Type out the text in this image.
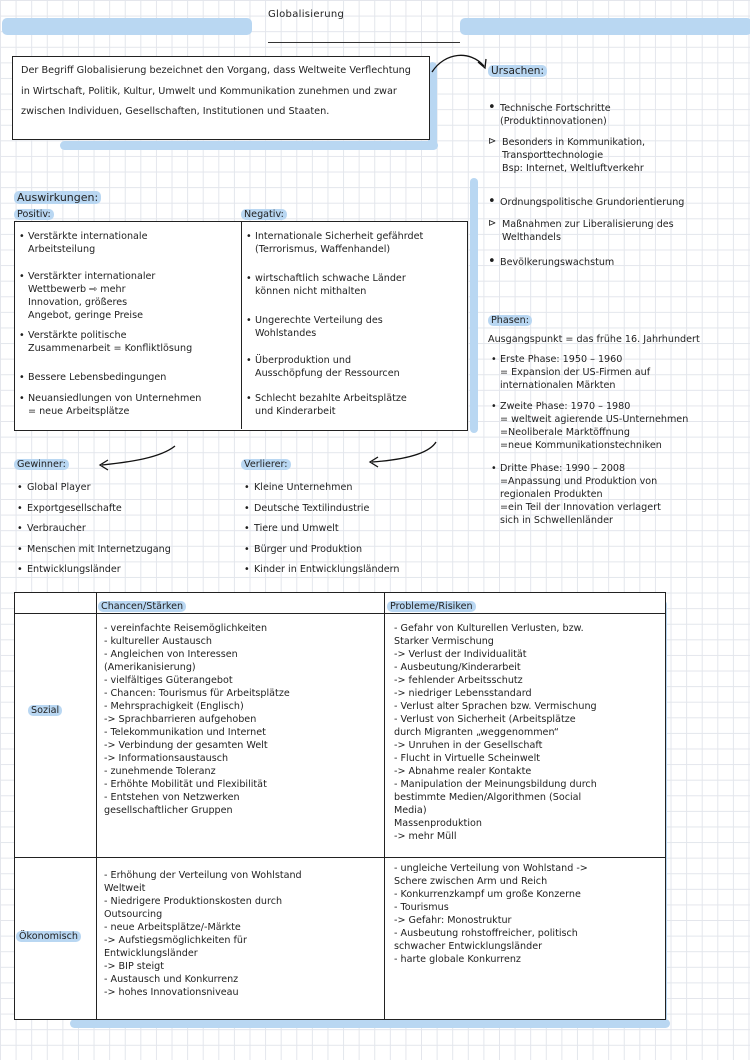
Globalisierung
Der Begriff Globalisierung bezeichnet den Vorgang, dass Weltweite Verflechtung in Wirtschaft, Politik, Kultur, Umwelt und Kommunikation zunehmen und zwar zwischen Individuen, Gesellschaften, Institutionen und Staaten.
Ursachen:
• Technische Fortschritte
(Produktinnovationen)
⊳ Besonders in Kommunikation,
Transporttechnologie
Bsp: Internet, Weltluftverkehr
• Ordnungspolitische Grundorientierung
⊳ Maßnahmen zur Liberalisierung des
Welthandels
• Bevölkerungswachstum
Auswirkungen:
Positiv:	Negativ:
• Verstärkte internationale
Arbeitsteilung
• Verstärkter internationaler
Wettbewerb ⇨ mehr
Innovation, größeres
Angebot, geringe Preise
• Verstärkte politische
Zusammenarbeit = Konfliktlösung
• Bessere Lebensbedingungen
• Neuansiedlungen von Unternehmen
= neue Arbeitsplätze
• Internationale Sicherheit gefährdet
(Terrorismus, Waffenhandel)
• wirtschaftlich schwache Länder
können nicht mithalten
• Ungerechte Verteilung des
Wohlstandes
• Überproduktion und
Ausschöpfung der Ressourcen
• Schlecht bezahlte Arbeitsplätze
und Kinderarbeit
Phasen:
Ausgangspunkt = das frühe 16. Jahrhundert
• Erste Phase: 1950 – 1960
= Expansion der US-Firmen auf
internationalen Märkten
• Zweite Phase: 1970 – 1980
= weltweit agierende US-Unternehmen
=Neoliberale Marktöffnung
=neue Kommunikationstechniken
• Dritte Phase: 1990 – 2008
=Anpassung und Produktion von
regionalen Produkten
=ein Teil der Innovation verlagert
sich in Schwellenländer
Gewinner:
• Global Player
• Exportgesellschafte
• Verbraucher
• Menschen mit Internetzugang
• Entwicklungsländer
Verlierer:
• Kleine Unternehmen
• Deutsche Textilindustrie
• Tiere und Umwelt
• Bürger und Produktion
• Kinder in Entwicklungsländern
Chancen/Stärken	Probleme/Risiken
Sozial
Ökonomisch
- vereinfachte Reisemöglichkeiten
- kultureller Austausch
- Angleichen von Interessen
(Amerikanisierung)
- vielfältiges Güterangebot
- Chancen: Tourismus für Arbeitsplätze
- Mehrsprachigkeit (Englisch)
-> Sprachbarrieren aufgehoben
- Telekommunikation und Internet
-> Verbindung der gesamten Welt
-> Informationsaustausch
- zunehmende Toleranz
- Erhöhte Mobilität und Flexibilität
- Entstehen von Netzwerken
gesellschaftlicher Gruppen
- Gefahr von Kulturellen Verlusten, bzw.
Starker Vermischung
-> Verlust der Individualität
- Ausbeutung/Kinderarbeit
-> fehlender Arbeitsschutz
-> niedriger Lebensstandard
- Verlust alter Sprachen bzw. Vermischung
- Verlust von Sicherheit (Arbeitsplätze
durch Migranten „weggenommen“
-> Unruhen in der Gesellschaft
- Flucht in Virtuelle Scheinwelt
-> Abnahme realer Kontakte
- Manipulation der Meinungsbildung durch
bestimmte Medien/Algorithmen (Social
Media)
Massenproduktion
-> mehr Müll
- Erhöhung der Verteilung von Wohlstand
Weltweit
- Niedrigere Produktionskosten durch
Outsourcing
- neue Arbeitsplätze/-Märkte
-> Aufstiegsmöglichkeiten für
Entwicklungsländer
-> BIP steigt
- Austausch und Konkurrenz
-> hohes Innovationsniveau
- ungleiche Verteilung von Wohlstand ->
Schere zwischen Arm und Reich
- Konkurrenzkampf um große Konzerne
- Tourismus
-> Gefahr: Monostruktur
- Ausbeutung rohstoffreicher, politisch
schwacher Entwicklungsländer
- harte globale Konkurrenz
